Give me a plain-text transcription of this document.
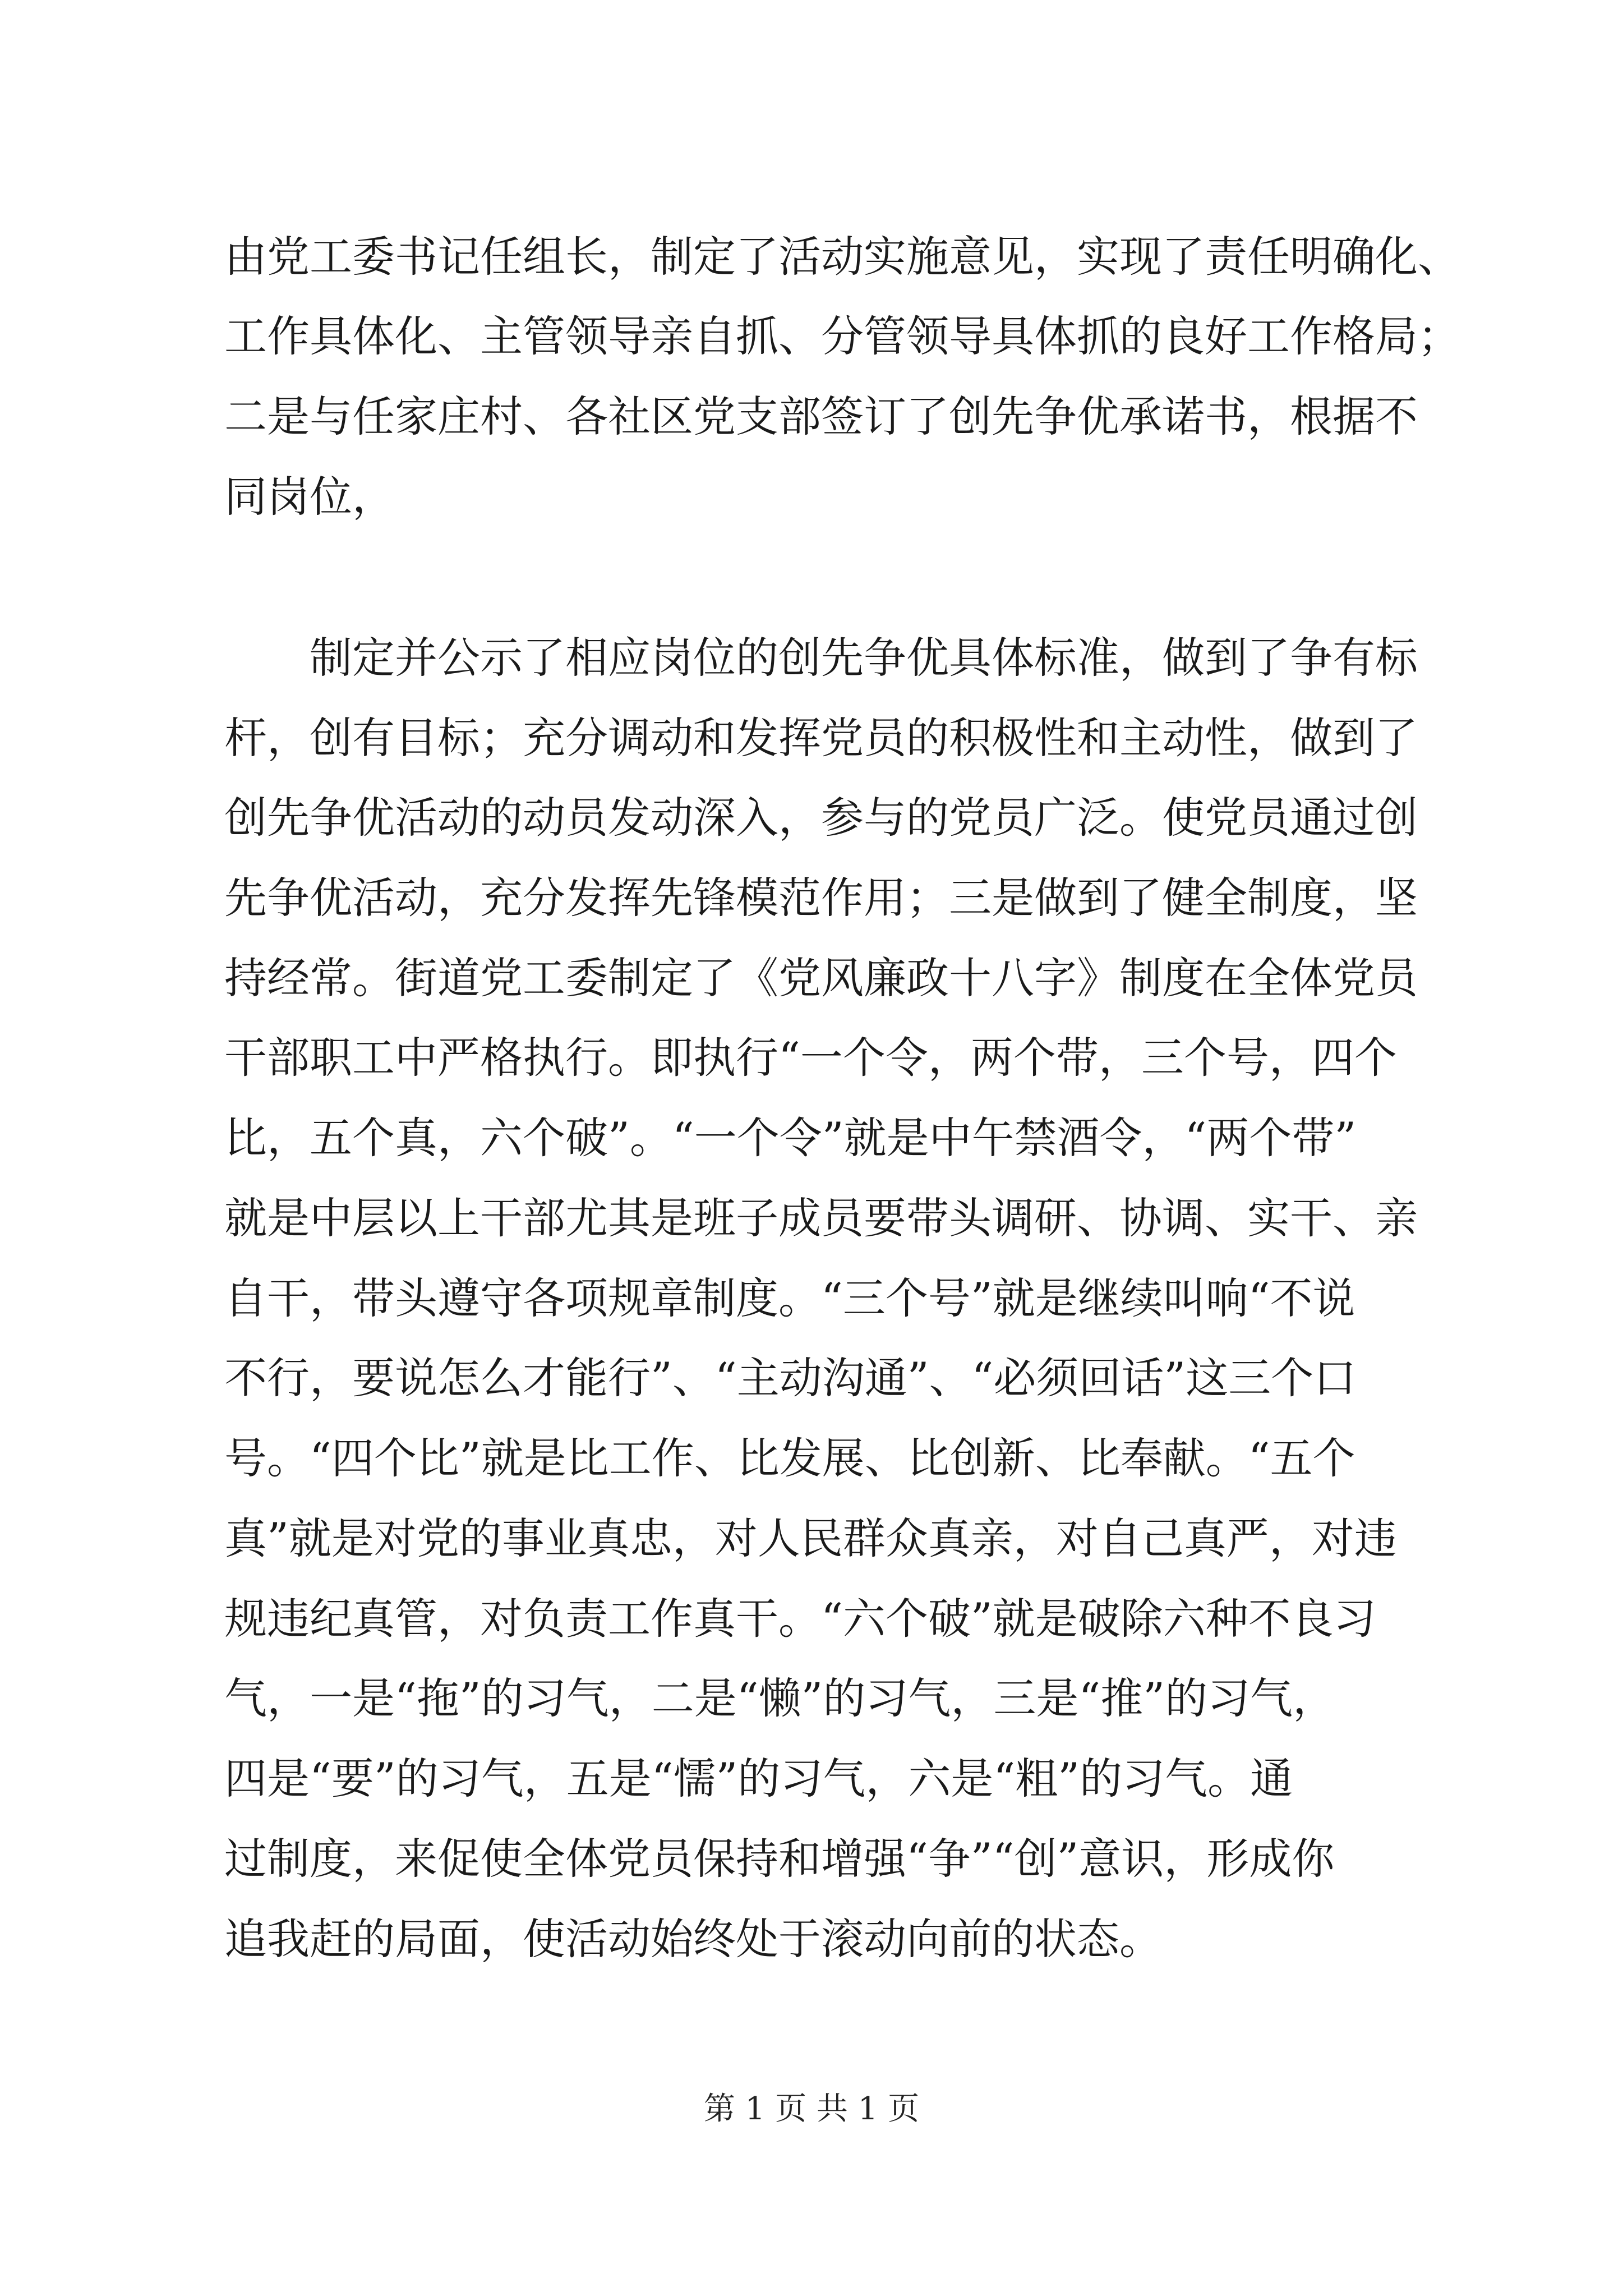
由党工委书记任组长，制定了活动实施意见，实现了责任明确化、
工作具体化、主管领导亲自抓、分管领导具体抓的良好工作格局；
二是与任家庄村、各社区党支部签订了创先争优承诺书，根据不
同岗位，
制定并公示了相应岗位的创先争优具体标准，做到了争有标
杆，创有目标；充分调动和发挥党员的积极性和主动性，做到了
创先争优活动的动员发动深入，参与的党员广泛。使党员通过创
先争优活动，充分发挥先锋模范作用；三是做到了健全制度，坚
持经常。街道党工委制定了《党风廉政十八字》制度在全体党员
干部职工中严格执行。即执行“一个令，两个带，三个号，四个
比，五个真，六个破”。“一个令”就是中午禁酒令，“两个带”
就是中层以上干部尤其是班子成员要带头调研、协调、实干、亲
自干，带头遵守各项规章制度。“三个号”就是继续叫响“不说
不行，要说怎么才能行”、“主动沟通”、“必须回话”这三个口
号。“四个比”就是比工作、比发展、比创新、比奉献。“五个
真”就是对党的事业真忠，对人民群众真亲，对自己真严，对违
规违纪真管，对负责工作真干。“六个破”就是破除六种不良习
气，一是“拖”的习气，二是“懒”的习气，三是“推”的习气，
四是“要”的习气，五是“懦”的习气，六是“粗”的习气。通
过制度，来促使全体党员保持和增强“争”“创”意识，形成你
追我赶的局面，使活动始终处于滚动向前的状态。
第 1 页 共 1 页
